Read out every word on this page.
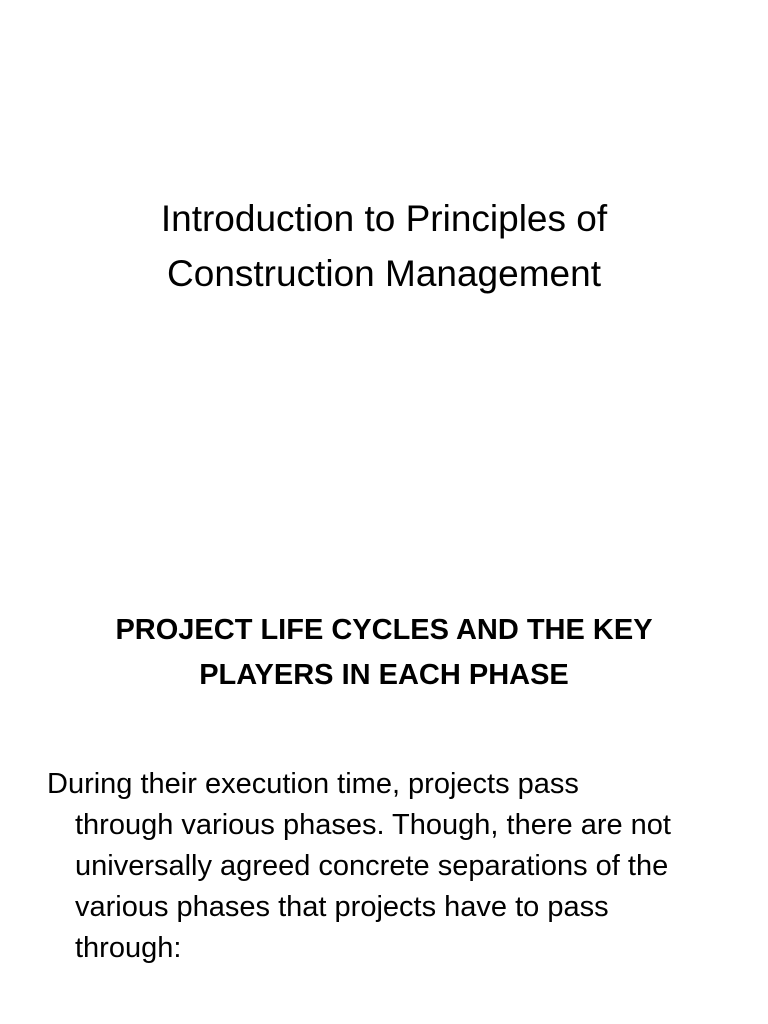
Introduction to Principles of
Construction Management
PROJECT LIFE CYCLES AND THE KEY
PLAYERS IN EACH PHASE

During their execution time, projects pass
through various phases. Though, there are not
universally agreed concrete separations of the
various phases that projects have to pass
through:
